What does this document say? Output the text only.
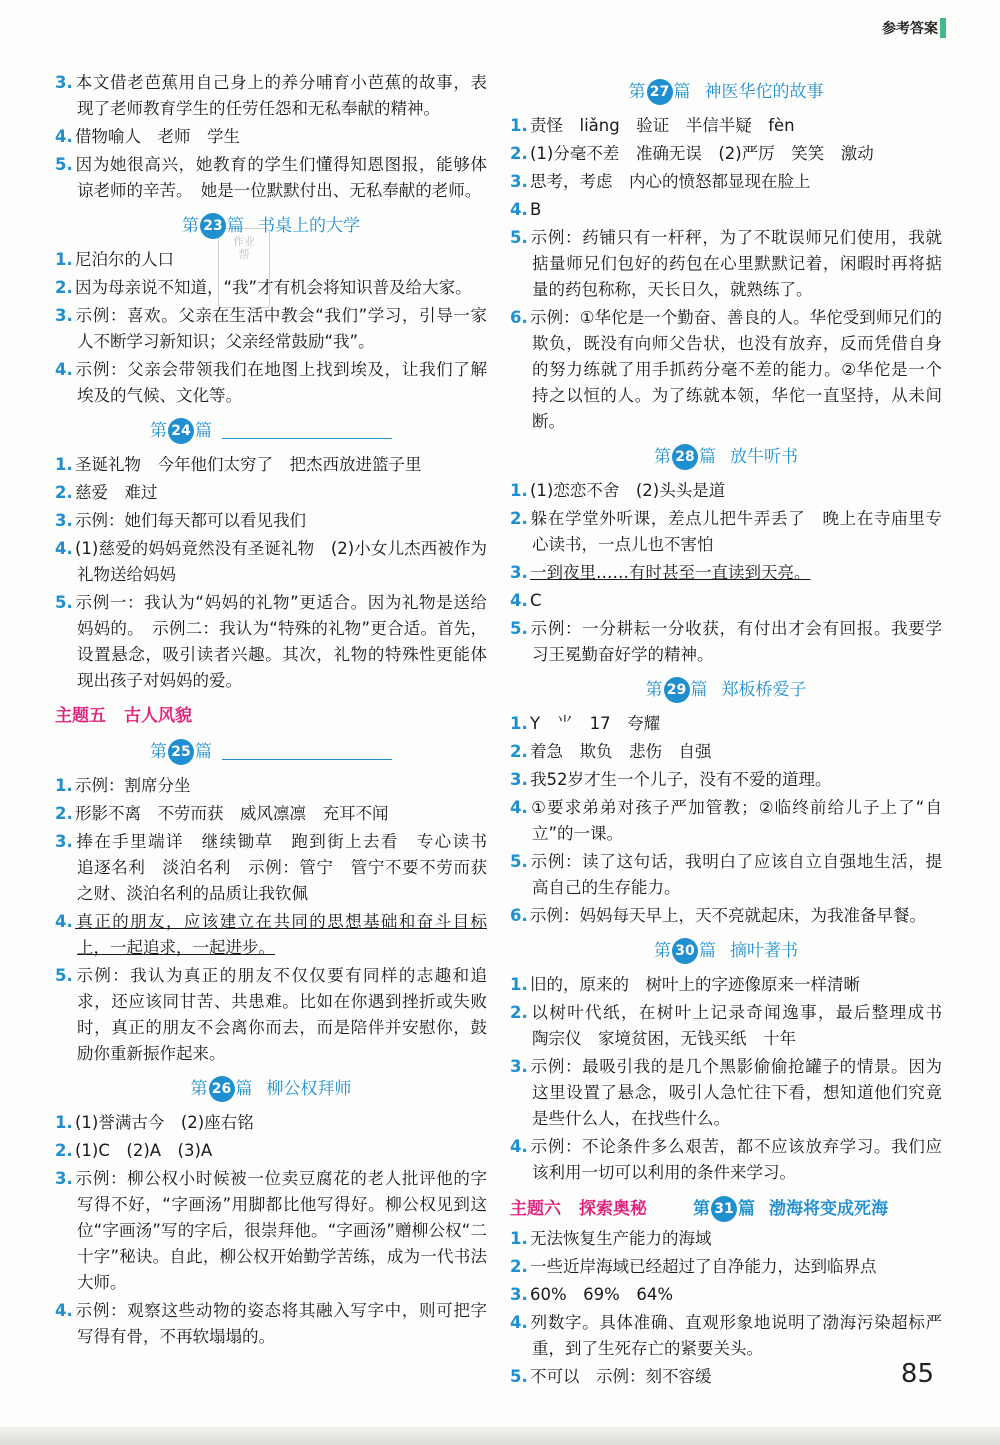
参考答案
作业
帮
3. 本文借老芭蕉用自己身上的养分哺育小芭蕉的故事，表现了老师教育学生的任劳任怨和无私奉献的精神。
4. 借物喻人　老师　学生
5. 因为她很高兴，她教育的学生们懂得知恩图报，能够体谅老师的辛苦。　她是一位默默付出、无私奉献的老师。
第 23 篇 书桌上的大学
1. 尼泊尔的人口
2. 因为母亲说不知道，“我”才有机会将知识普及给大家。
3. 示例：喜欢。父亲在生活中教会“我们”学习，引导一家人不断学习新知识；父亲经常鼓励“我”。
4. 示例：父亲会带领我们在地图上找到埃及，让我们了解埃及的气候、文化等。
第 24 篇
1. 圣诞礼物　今年他们太穷了　把杰西放进篮子里
2. 慈爱　难过
3. 示例：她们每天都可以看见我们
4. (1)慈爱的妈妈竟然没有圣诞礼物　(2)小女儿杰西被作为礼物送给妈妈
5. 示例一：我认为“妈妈的礼物”更适合。因为礼物是送给妈妈的。　示例二：我认为“特殊的礼物”更合适。首先，设置悬念，吸引读者兴趣。其次，礼物的特殊性更能体现出孩子对妈妈的爱。
主题五 古人风貌
第 25 篇
1. 示例：割席分坐
2. 形影不离　不劳而获　威风凛凛　充耳不闻
3. 捧在手里端详　继续锄草　跑到街上去看　专心读书　追逐名利　淡泊名利　示例：管宁　管宁不要不劳而获之财、淡泊名利的品质让我钦佩
4. 真正的朋友，应该建立在共同的思想基础和奋斗目标上，一起追求，一起进步。
5. 示例：我认为真正的朋友不仅仅要有同样的志趣和追求，还应该同甘苦、共患难。比如在你遇到挫折或失败时，真正的朋友不会离你而去，而是陪伴并安慰你，鼓励你重新振作起来。
第 26 篇 柳公权拜师
1. (1)誉满古今　(2)座右铭
2. (1)C　(2)A　(3)A
3. 示例：柳公权小时候被一位卖豆腐花的老人批评他的字写得不好，“字画汤”用脚都比他写得好。柳公权见到这位“字画汤”写的字后，很崇拜他。“字画汤”赠柳公权“二十字”秘诀。自此，柳公权开始勤学苦练，成为一代书法大师。
4. 示例：观察这些动物的姿态将其融入写字中，则可把字写得有骨，不再软塌塌的。
第 27 篇 神医华佗的故事
1. 责怪　liǎng　验证　半信半疑　fèn
2. (1)分毫不差　准确无误　(2)严厉　笑笑　激动
3. 思考，考虑　内心的愤怒都显现在脸上
4. B
5. 示例：药铺只有一杆秤，为了不耽误师兄们使用，我就掂量师兄们包好的药包在心里默默记着，闲暇时再将掂量的药包称称，天长日久，就熟练了。
6. 示例：①华佗是一个勤奋、善良的人。华佗受到师兄们的欺负，既没有向师父告状，也没有放弃，反而凭借自身的努力练就了用手抓药分毫不差的能力。②华佗是一个持之以恒的人。为了练就本领，华佗一直坚持，从未间断。
第 28 篇 放牛听书
1. (1)恋恋不舍　(2)头头是道
2. 躲在学堂外听课，差点儿把牛弄丢了　晚上在寺庙里专心读书，一点儿也不害怕
3. 一到夜里……有时甚至一直读到天亮。
4. C
5. 示例：一分耕耘一分收获，有付出才会有回报。我要学习王冕勤奋好学的精神。
第 29 篇 郑板桥爱子
1. Y　⺌　17　夸耀
2. 着急　欺负　悲伤　自强
3. 我52岁才生一个儿子，没有不爱的道理。
4. ①要求弟弟对孩子严加管教；②临终前给儿子上了“自立”的一课。
5. 示例：读了这句话，我明白了应该自立自强地生活，提高自己的生存能力。
6. 示例：妈妈每天早上，天不亮就起床，为我准备早餐。
第 30 篇 摘叶著书
1. 旧的，原来的　树叶上的字迹像原来一样清晰
2. 以树叶代纸，在树叶上记录奇闻逸事，最后整理成书　陶宗仪　家境贫困，无钱买纸　十年
3. 示例：最吸引我的是几个黑影偷偷抢罐子的情景。因为这里设置了悬念，吸引人急忙往下看，想知道他们究竟是些什么人，在找些什么。
4. 示例：不论条件多么艰苦，都不应该放弃学习。我们应该利用一切可以利用的条件来学习。
主题六 探索奥秘	第 31 篇 渤海将变成死海
1. 无法恢复生产能力的海域
2. 一些近岸海域已经超过了自净能力，达到临界点
3. 60%　69%　64%
4. 列数字。具体准确、直观形象地说明了渤海污染超标严重，到了生死存亡的紧要关头。
5. 不可以　示例：刻不容缓	85
